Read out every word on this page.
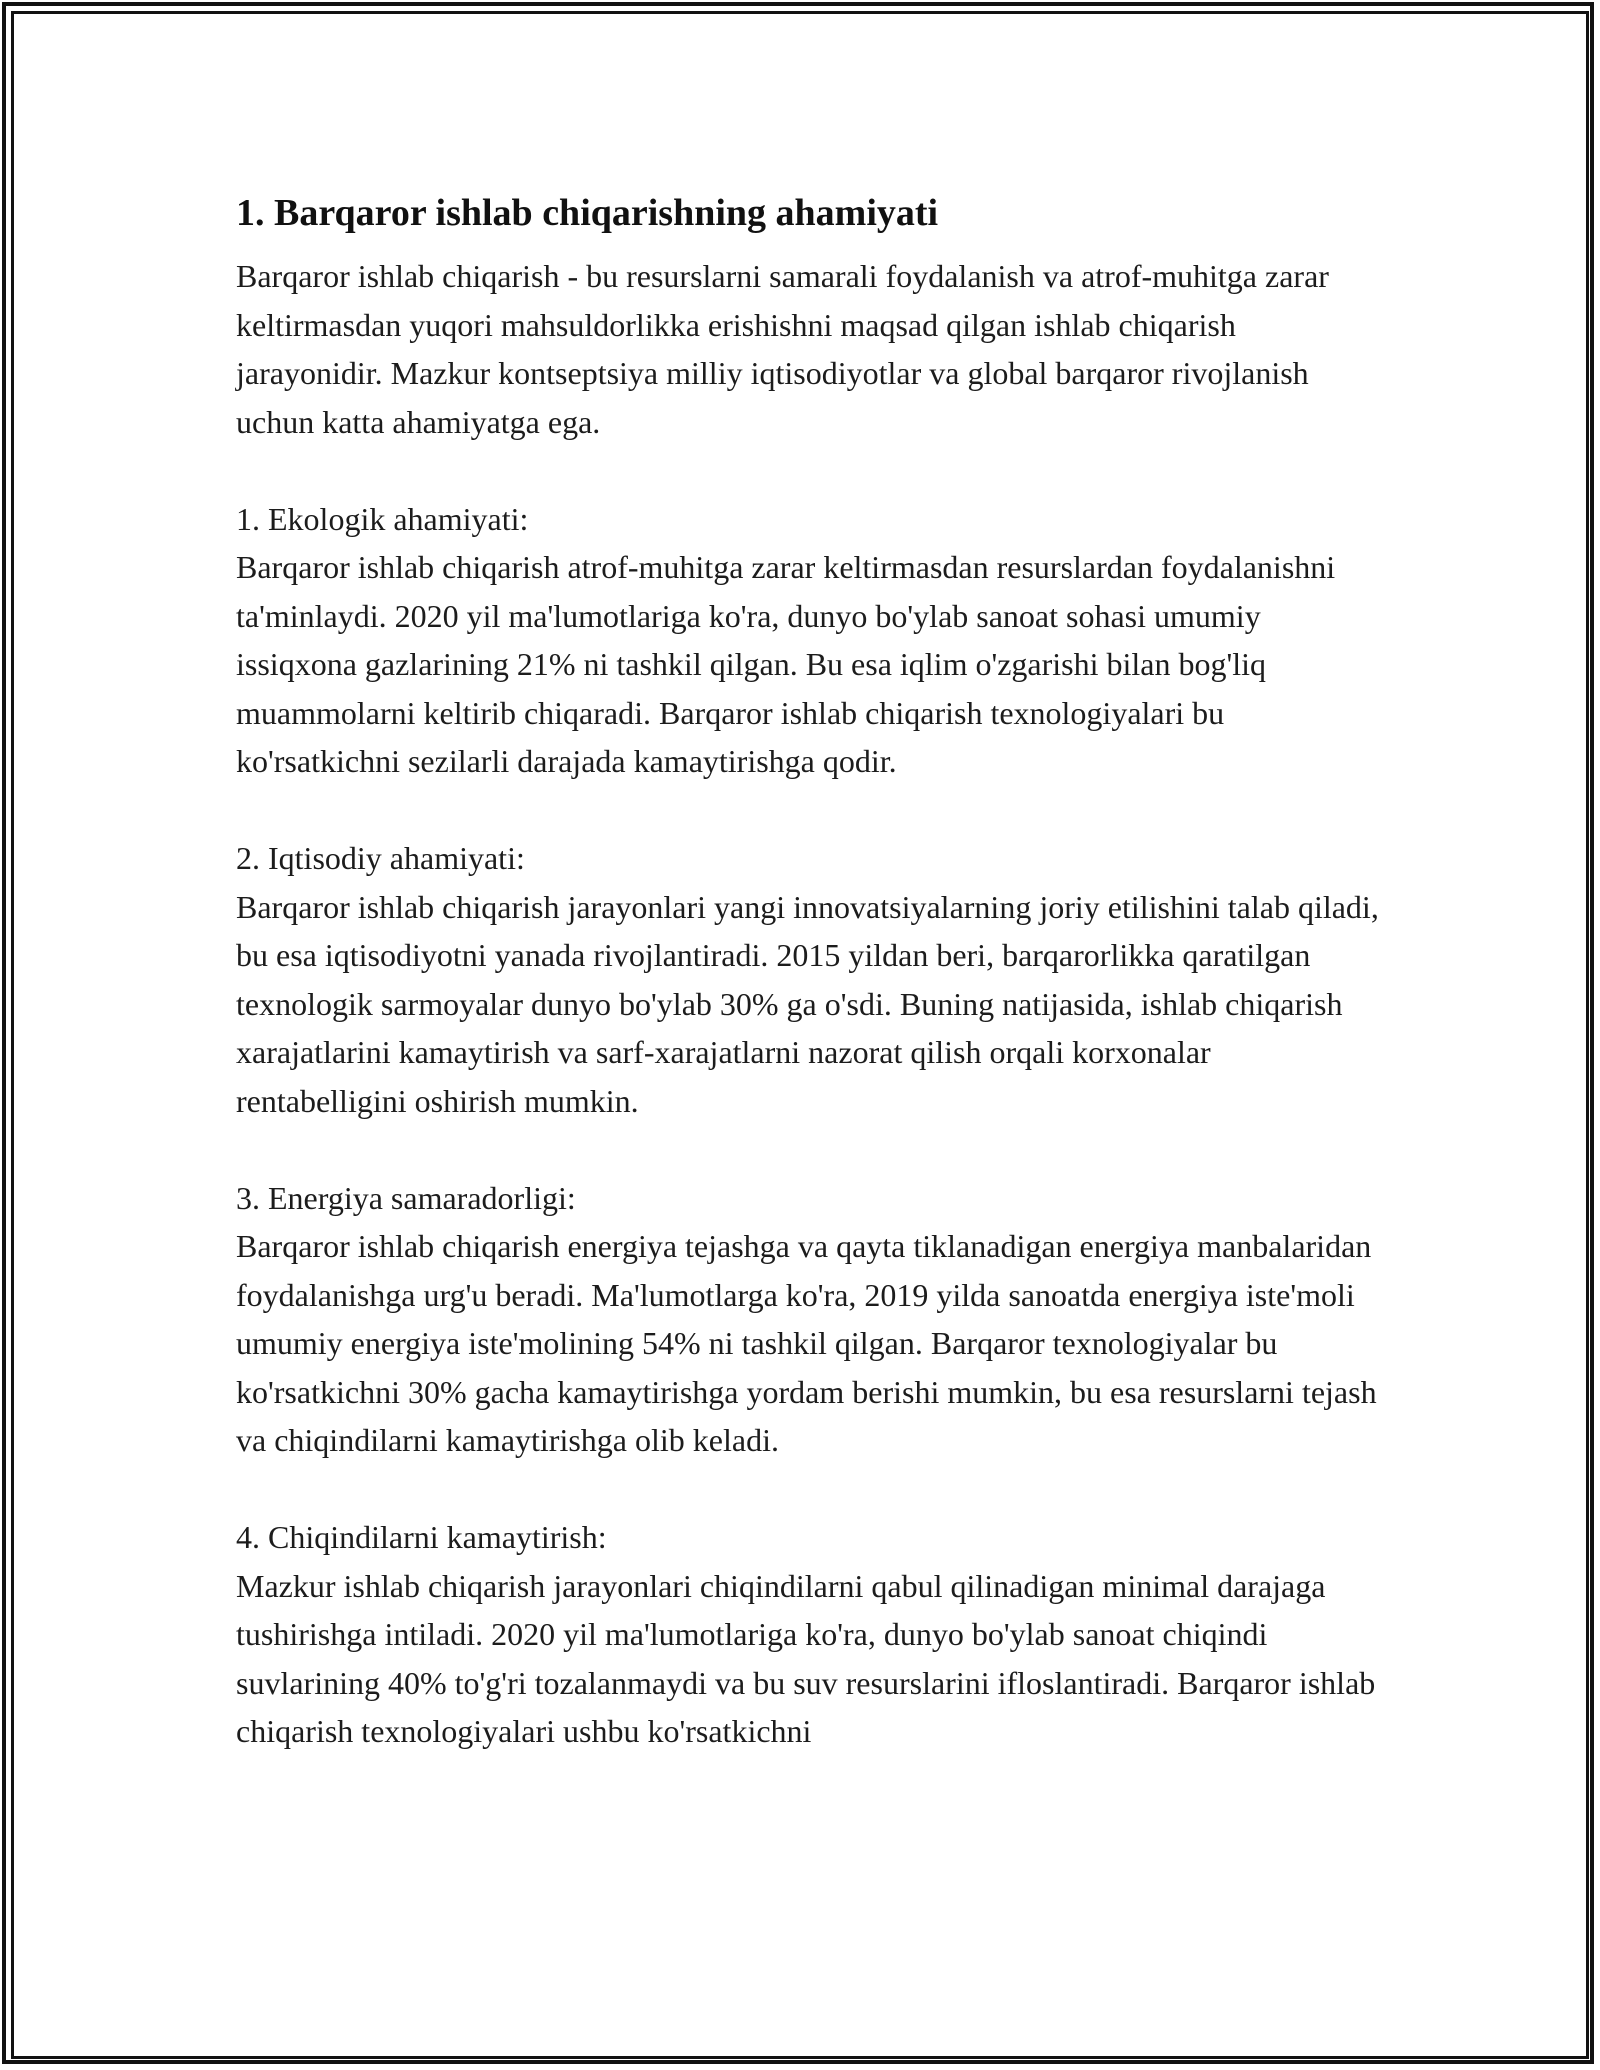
1. Barqaror ishlab chiqarishning ahamiyati

Barqaror ishlab chiqarish - bu resurslarni samarali foydalanish va atrof-muhitga zarar keltirmasdan yuqori mahsuldorlikka erishishni maqsad qilgan ishlab chiqarish jarayonidir. Mazkur kontseptsiya milliy iqtisodiyotlar va global barqaror rivojlanish uchun katta ahamiyatga ega.

1. Ekologik ahamiyati:

Barqaror ishlab chiqarish atrof-muhitga zarar keltirmasdan resurslardan foydalanishni ta'minlaydi. 2020 yil ma'lumotlariga ko'ra, dunyo bo'ylab sanoat sohasi umumiy issiqxona gazlarining 21% ni tashkil qilgan. Bu esa iqlim o'zgarishi bilan bog'liq muammolarni keltirib chiqaradi. Barqaror ishlab chiqarish texnologiyalari bu ko'rsatkichni sezilarli darajada kamaytirishga qodir.

2. Iqtisodiy ahamiyati:

Barqaror ishlab chiqarish jarayonlari yangi innovatsiyalarning joriy etilishini talab qiladi, bu esa iqtisodiyotni yanada rivojlantiradi. 2015 yildan beri, barqarorlikka qaratilgan texnologik sarmoyalar dunyo bo'ylab 30% ga o'sdi. Buning natijasida, ishlab chiqarish xarajatlarini kamaytirish va sarf-xarajatlarni nazorat qilish orqali korxonalar rentabelligini oshirish mumkin.

3. Energiya samaradorligi:

Barqaror ishlab chiqarish energiya tejashga va qayta tiklanadigan energiya manbalaridan foydalanishga urg'u beradi. Ma'lumotlarga ko'ra, 2019 yilda sanoatda energiya iste'moli umumiy energiya iste'molining 54% ni tashkil qilgan. Barqaror texnologiyalar bu ko'rsatkichni 30% gacha kamaytirishga yordam berishi mumkin, bu esa resurslarni tejash va chiqindilarni kamaytirishga olib keladi.

4. Chiqindilarni kamaytirish:

Mazkur ishlab chiqarish jarayonlari chiqindilarni qabul qilinadigan minimal darajaga tushirishga intiladi. 2020 yil ma'lumotlariga ko'ra, dunyo bo'ylab sanoat chiqindi suvlarining 40% to'g'ri tozalanmaydi va bu suv resurslarini ifloslantiradi. Barqaror ishlab chiqarish texnologiyalari ushbu ko'rsatkichni
